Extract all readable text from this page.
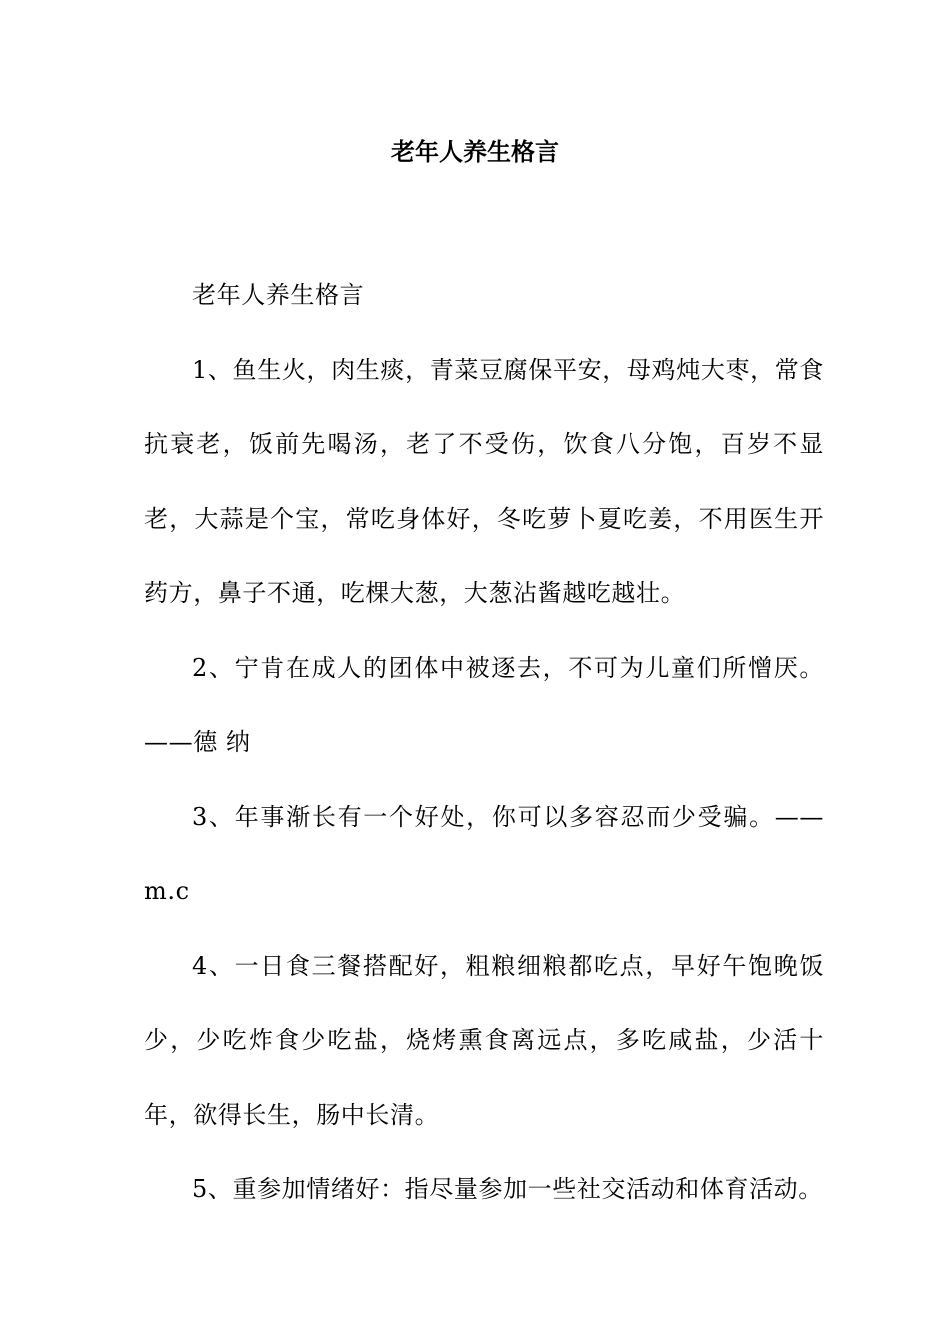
老年人养生格言

老年人养生格言

1、鱼生火，肉生痰，青菜豆腐保平安，母鸡炖大枣，常食抗衰老，饭前先喝汤，老了不受伤，饮食八分饱，百岁不显老，大蒜是个宝，常吃身体好，冬吃萝卜夏吃姜，不用医生开药方，鼻子不通，吃棵大葱，大葱沾酱越吃越壮。

2、宁肯在成人的团体中被逐去，不可为儿童们所憎厌。——德 纳

3、年事渐长有一个好处，你可以多容忍而少受骗。——m.c

4、一日食三餐搭配好，粗粮细粮都吃点，早好午饱晚饭少，少吃炸食少吃盐，烧烤熏食离远点，多吃咸盐，少活十年，欲得长生，肠中长清。

5、重参加情绪好：指尽量参加一些社交活动和体育活动。
